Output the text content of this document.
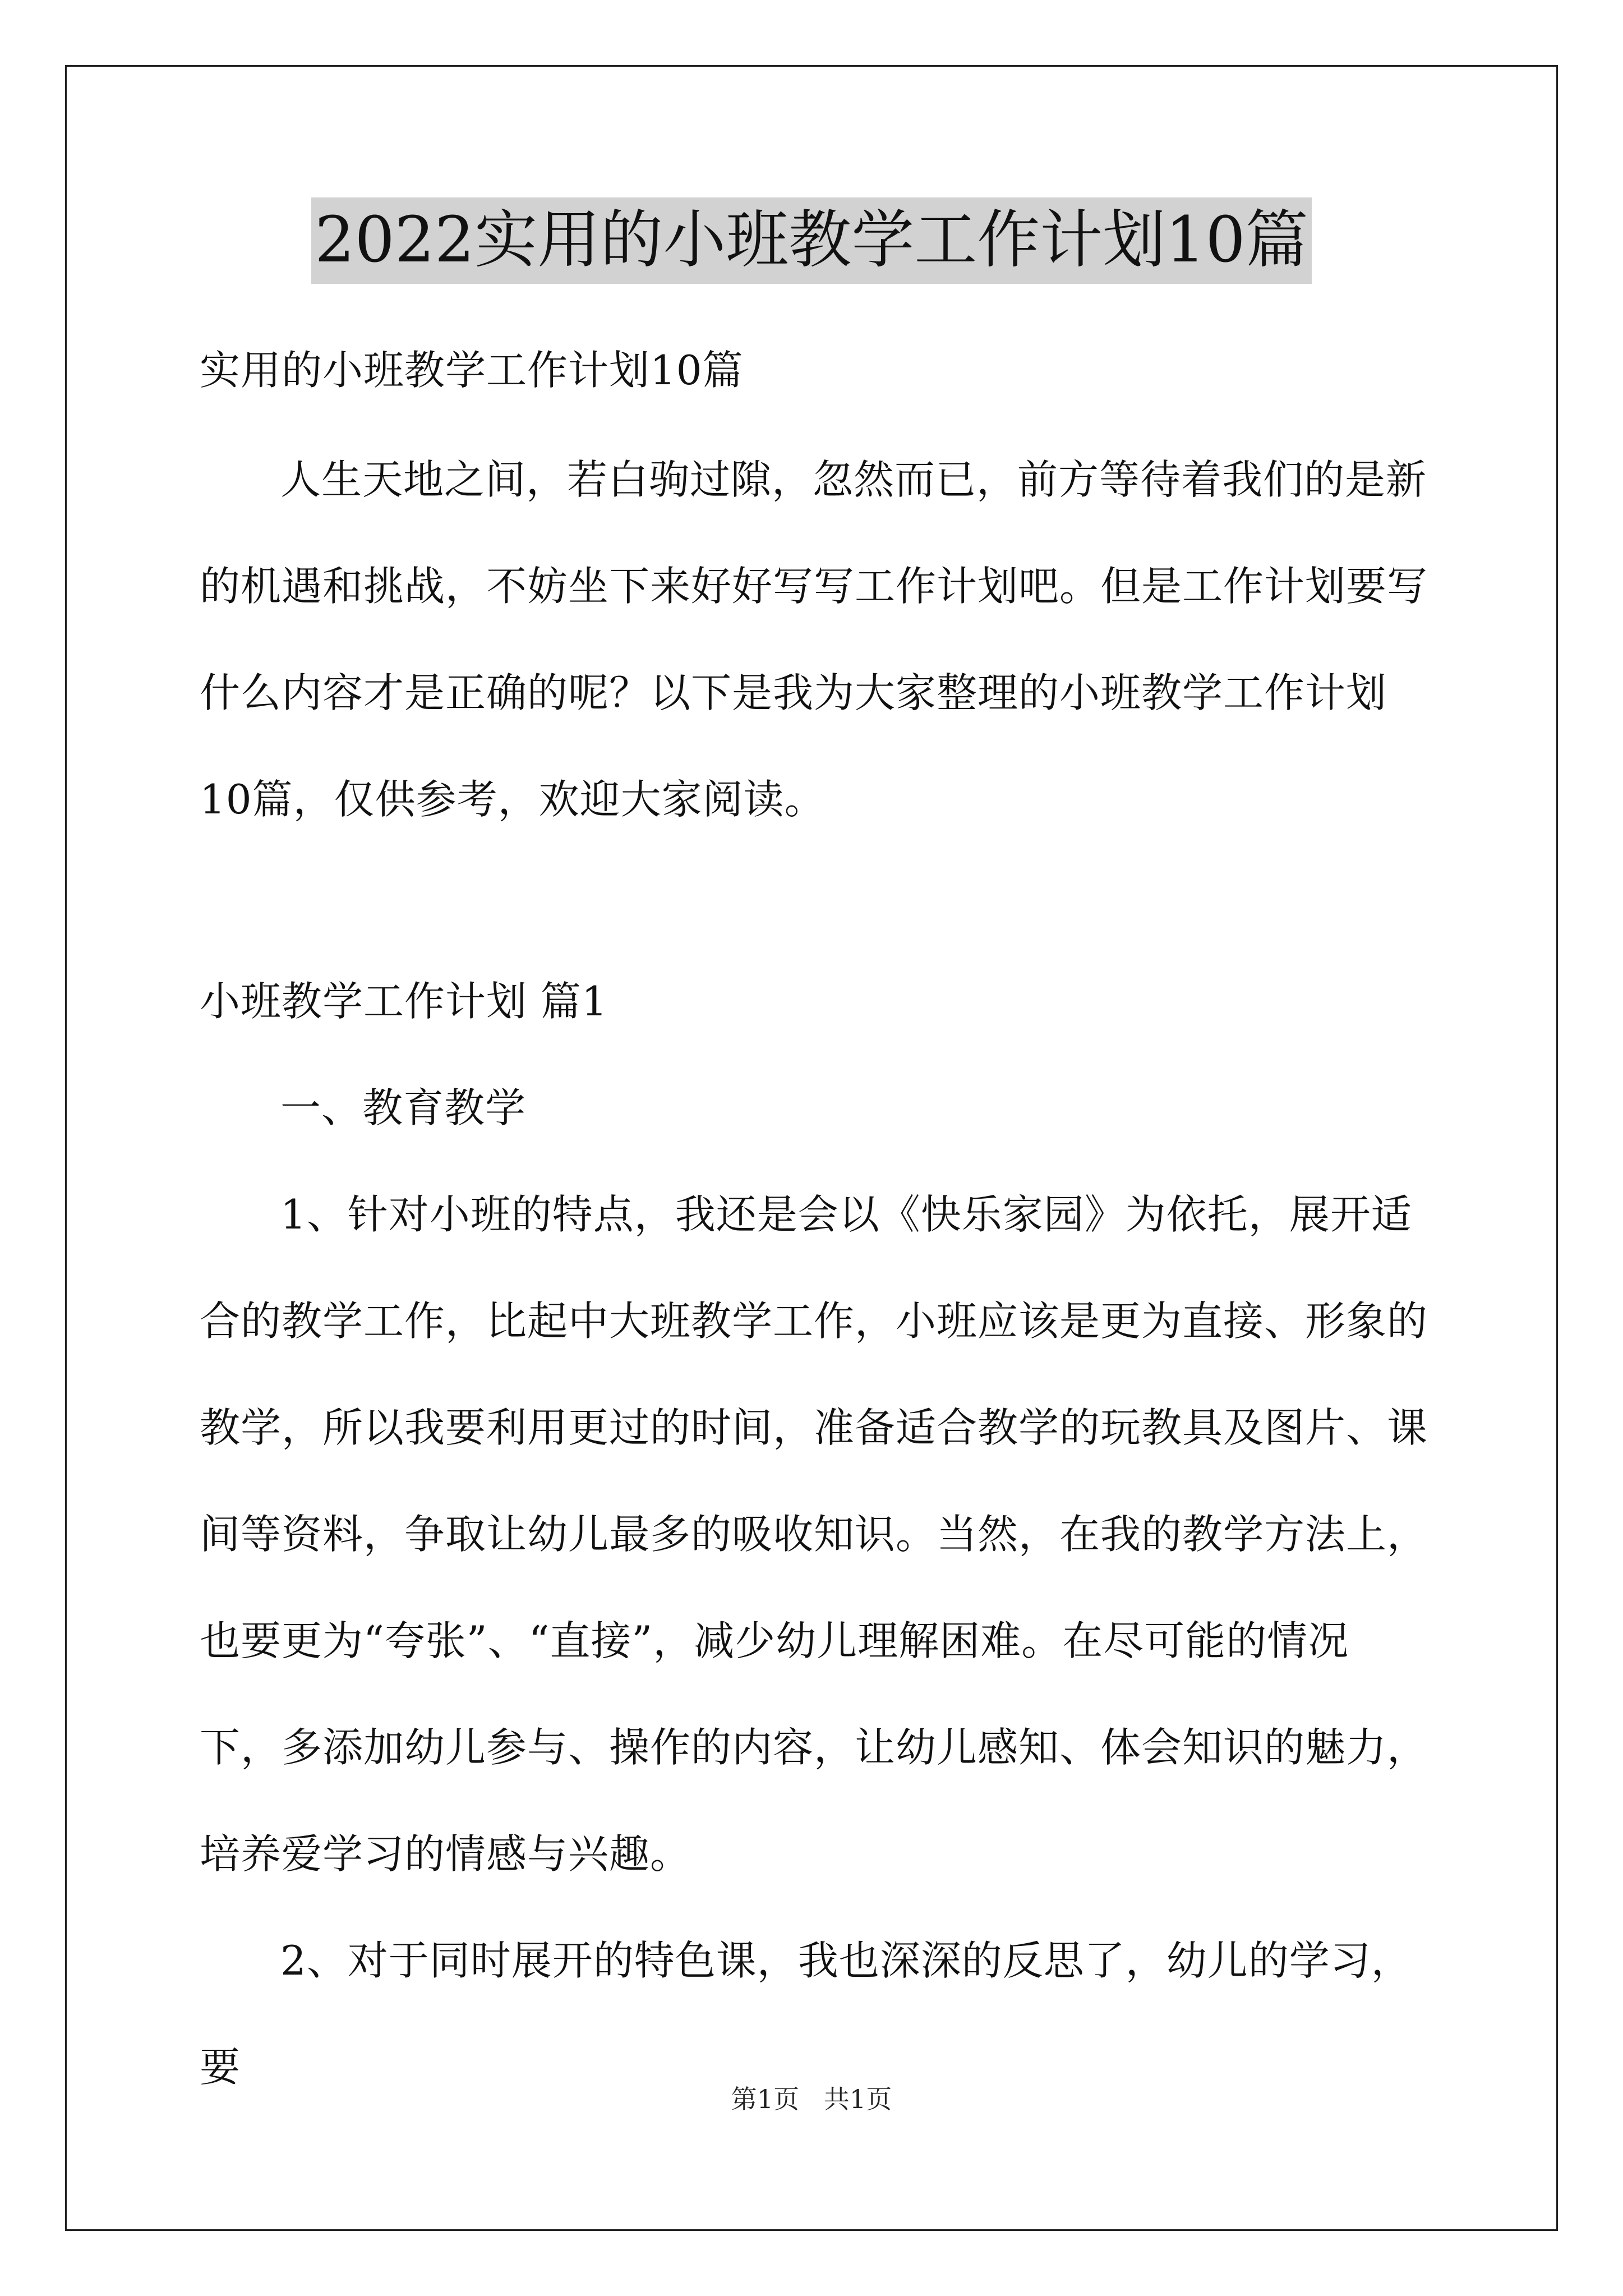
2022实用的小班教学工作计划10篇

实用的小班教学工作计划10篇

人生天地之间，若白驹过隙，忽然而已，前方等待着我们的是新的机遇和挑战，不妨坐下来好好写写工作计划吧。但是工作计划要写什么内容才是正确的呢？以下是我为大家整理的小班教学工作计划10篇，仅供参考，欢迎大家阅读。

小班教学工作计划 篇1

一、教育教学

1、针对小班的特点，我还是会以《快乐家园》为依托，展开适合的教学工作，比起中大班教学工作，小班应该是更为直接、形象的教学，所以我要利用更过的时间，准备适合教学的玩教具及图片、课间等资料，争取让幼儿最多的吸收知识。当然，在我的教学方法上，也要更为“夸张”、“直接”，减少幼儿理解困难。在尽可能的情况下，多添加幼儿参与、操作的内容，让幼儿感知、体会知识的魅力，培养爱学习的情感与兴趣。

2、对于同时展开的特色课，我也深深的反思了，幼儿的学习，要

第1页   共1页
